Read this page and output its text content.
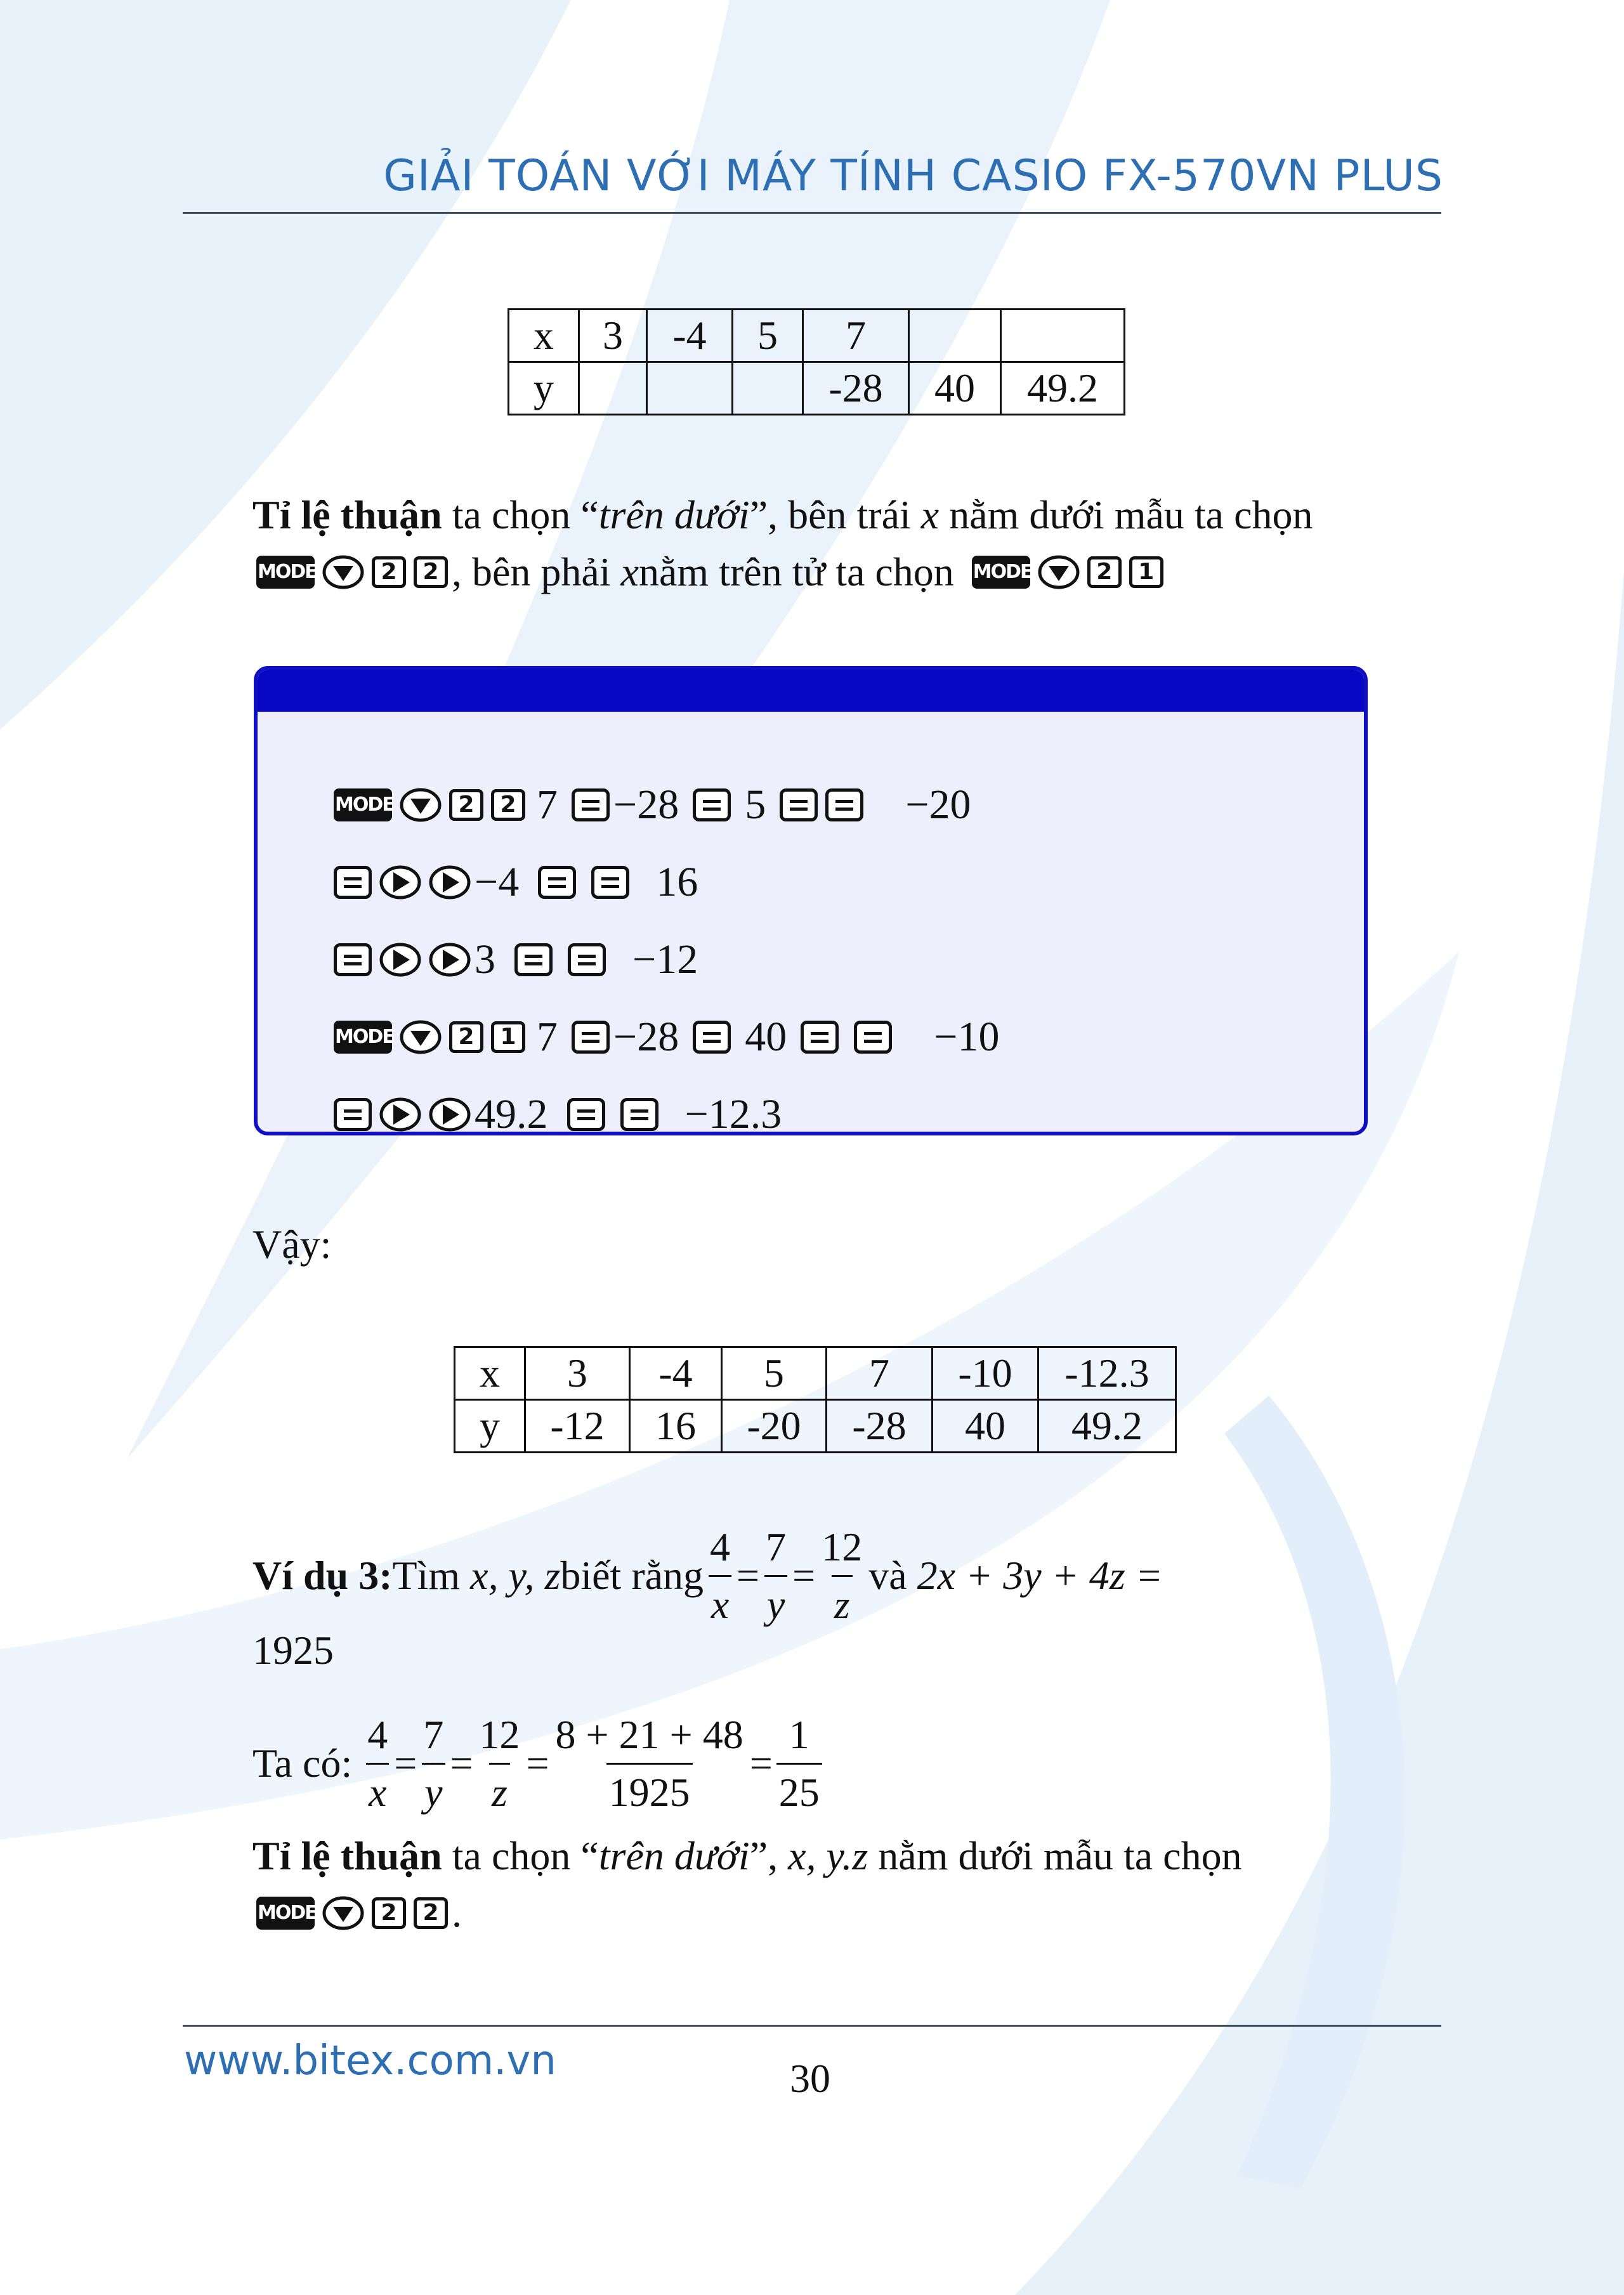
GIẢI TOÁN VỚI MÁY TÍNH CASIO FX-570VN PLUS
x	3	-4	5	7		
y				-28	40	49.2
Tỉ lệ thuận ta chọn “trên dưới”, bên trái x nằm dưới mẫu ta chọn
MODE	2	2 , bên phải
x nằm trên tử ta chọn MODE	2	1
MODE	2	2 7 −28 5	−20
−4	16
3	−12
MODE	2	1 7 −28 40	−10
49.2	−12.3
Vậy:
x	3	-4	5	7	-10	-12.3
y	-12	16	-20	-28	40	49.2
Ví dụ 3: Tìm
x, y, z biết rằng $\frac{4}{x} = \frac{7}{y} = \frac{12}{z}$ và
2x + 3y + 4z =
1925
Ta có: $\frac{4}{x} = \frac{7}{y} = \frac{12}{z} = \frac{8 + 21 + 48}{1925} = \frac{1}{25}$
Tỉ lệ thuận ta chọn “trên dưới”, x, y.z nằm dưới mẫu ta chọn
MODE	2	2 .
www.bitex.com.vn	30
